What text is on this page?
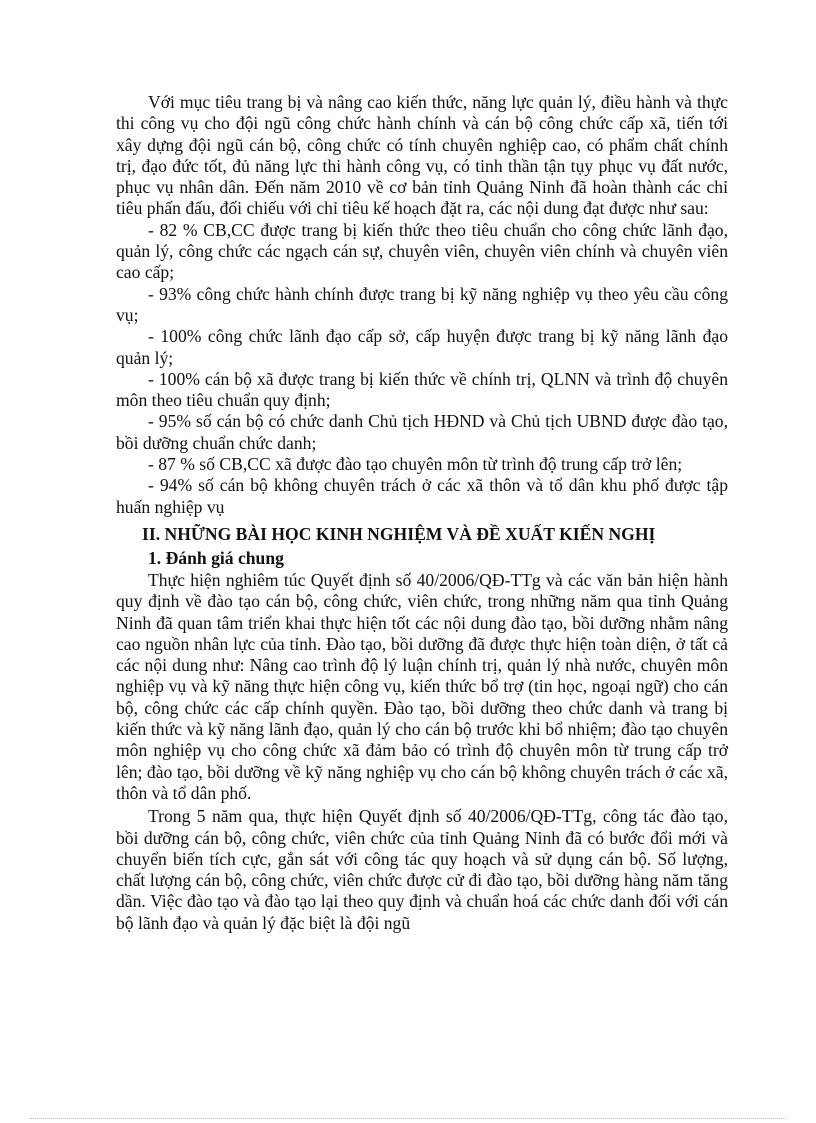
Với mục tiêu trang bị và nâng cao kiến thức, năng lực quản lý, điều hành và thực thi công vụ cho đội ngũ công chức hành chính và cán bộ công chức cấp xã, tiến tới xây dựng đội ngũ cán bộ, công chức có tính chuyên nghiệp cao, có phẩm chất chính trị, đạo đức tốt, đủ năng lực thi hành công vụ, có tinh thần tận tụy phục vụ đất nước, phục vụ nhân dân. Đến năm 2010 về cơ bản tỉnh Quảng Ninh đã hoàn thành các chỉ tiêu phấn đấu, đối chiếu với chỉ tiêu kế hoạch đặt ra, các nội dung đạt được như sau:

- 82 % CB,CC được trang bị kiến thức theo tiêu chuẩn cho công chức lãnh đạo, quản lý, công chức các ngạch cán sự, chuyên viên, chuyên viên chính và chuyên viên cao cấp;

- 93% công chức hành chính được trang bị kỹ năng nghiệp vụ theo yêu cầu công vụ;

- 100% công chức lãnh đạo cấp sở, cấp huyện được trang bị kỹ năng lãnh đạo quản lý;

- 100% cán bộ xã được trang bị kiến thức về chính trị, QLNN và trình độ chuyên môn theo tiêu chuẩn quy định;

- 95% số cán bộ có chức danh Chủ tịch HĐND và Chủ tịch UBND được đào tạo, bồi dưỡng chuẩn chức danh;

- 87 % số CB,CC xã được đào tạo chuyên môn từ trình độ trung cấp trở lên;

- 94% số cán bộ không chuyên trách ở các xã thôn và tổ dân khu phố được tập huấn nghiệp vụ

II. NHỮNG BÀI HỌC KINH NGHIỆM VÀ ĐỀ XUẤT KIẾN NGHỊ

1. Đánh giá chung

Thực hiện nghiêm túc Quyết định số 40/2006/QĐ-TTg và các văn bản hiện hành quy định về đào tạo cán bộ, công chức, viên chức, trong những năm qua tỉnh Quảng Ninh đã quan tâm triển khai thực hiện tốt các nội dung đào tạo, bồi dưỡng nhằm nâng cao nguồn nhân lực của tỉnh. Đào tạo, bồi dưỡng đã được thực hiện toàn diện, ở tất cả các nội dung như: Nâng cao trình độ lý luận chính trị, quản lý nhà nước, chuyên môn nghiệp vụ và kỹ năng thực hiện công vụ, kiến thức bổ trợ (tin học, ngoại ngữ) cho cán bộ, công chức các cấp chính quyền. Đào tạo, bồi dưỡng theo chức danh và trang bị kiến thức và kỹ năng lãnh đạo, quản lý cho cán bộ trước khi bổ nhiệm; đào tạo chuyên môn nghiệp vụ cho công chức xã đảm bảo có trình độ chuyên môn từ trung cấp trở lên; đào tạo, bồi dưỡng về kỹ năng nghiệp vụ cho cán bộ không chuyên trách ở các xã, thôn và tổ dân phố.

Trong 5 năm qua, thực hiện Quyết định số 40/2006/QĐ-TTg, công tác đào tạo, bồi dưỡng cán bộ, công chức, viên chức của tỉnh Quảng Ninh đã có bước đổi mới và chuyển biến tích cực, gắn sát với công tác quy hoạch và sử dụng cán bộ. Số lượng, chất lượng cán bộ, công chức, viên chức được cử đi đào tạo, bồi dưỡng hàng năm tăng dần. Việc đào tạo và đào tạo lại theo quy định và chuẩn hoá các chức danh đối với cán bộ lãnh đạo và quản lý đặc biệt là đội ngũ
